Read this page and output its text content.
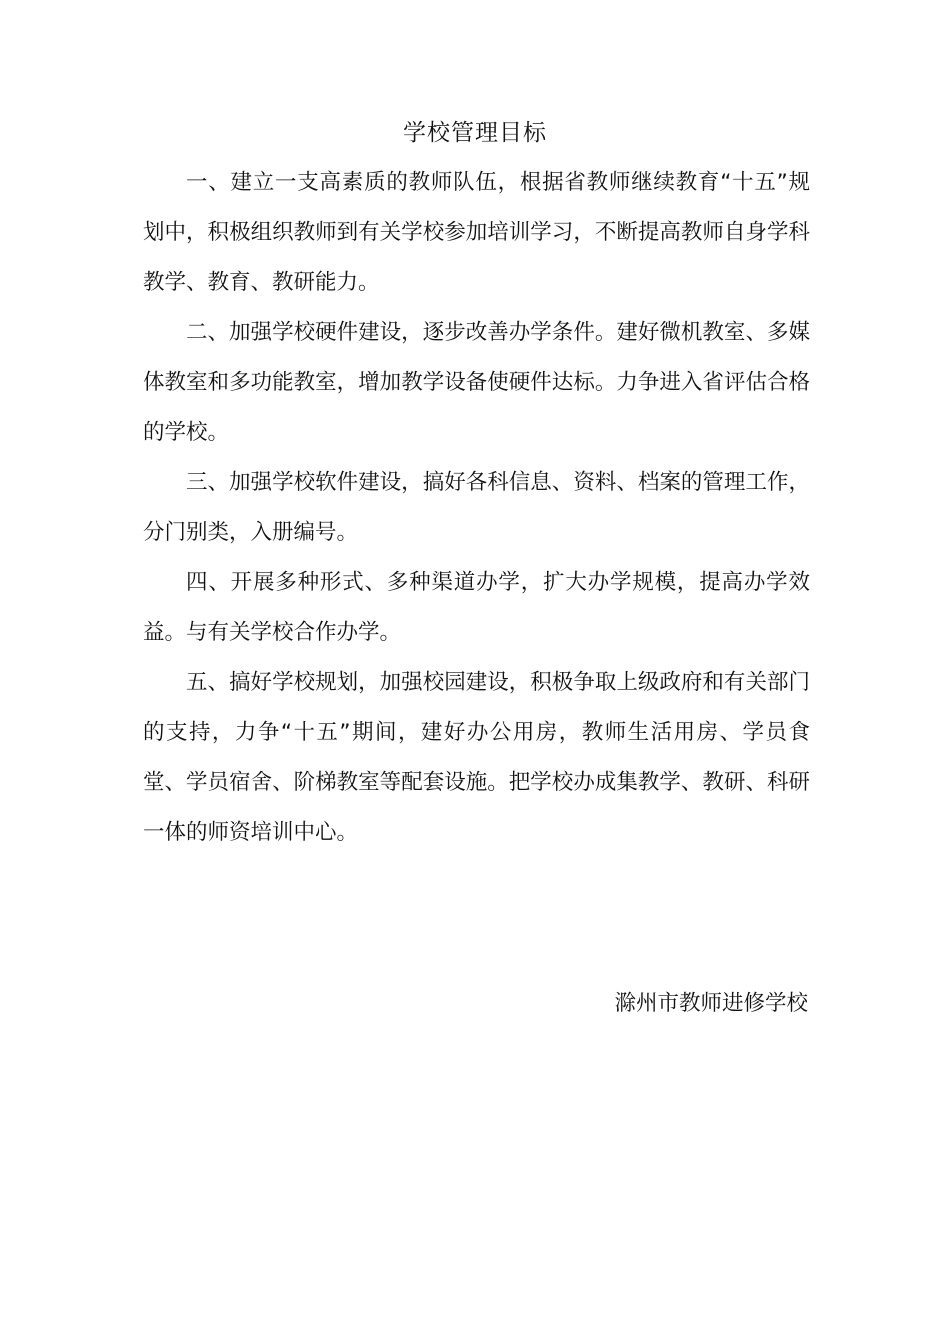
学校管理目标

一、建立一支高素质的教师队伍，根据省教师继续教育“十五”规划中，积极组织教师到有关学校参加培训学习，不断提高教师自身学科教学、教育、教研能力。

二、加强学校硬件建设，逐步改善办学条件。建好微机教室、多媒体教室和多功能教室，增加教学设备使硬件达标。力争进入省评估合格的学校。

三、加强学校软件建设，搞好各科信息、资料、档案的管理工作，分门别类，入册编号。

四、开展多种形式、多种渠道办学，扩大办学规模，提高办学效益。与有关学校合作办学。

五、搞好学校规划，加强校园建设，积极争取上级政府和有关部门的支持，力争“十五”期间，建好办公用房，教师生活用房、学员食堂、学员宿舍、阶梯教室等配套设施。把学校办成集教学、教研、科研一体的师资培训中心。

滁州市教师进修学校
